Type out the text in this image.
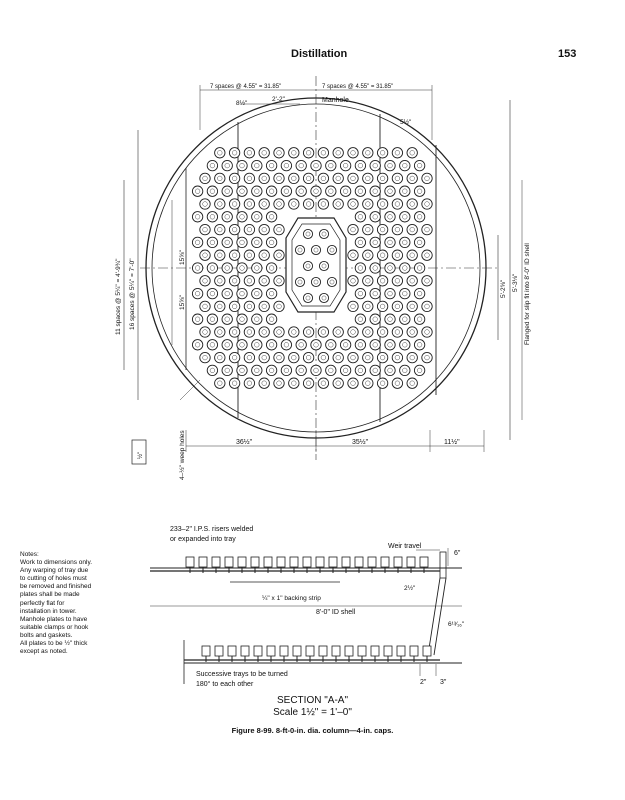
Distillation	153
7 spaces @ 4.55" = 31.85"	7 spaces @ 4.55" = 31.85"
8½"
2'-2"	Manhole
5½"
11 spaces @ 5¼" = 4'-9¾" 16 spaces @ 5¼" = 7'-0"
15⅝"
15⅝"
4–½" weep holes
½"
5'-2⅝" 5'-3⅛" Flanged for slip fit into 8'-0" ID shell
36½"	35½"	11½"
233–2" I.P.S. risers welded
or expanded into tray
Weir travel
6"
2½"
¼" x 1" backing strip
8'-0" ID shell
6¹³⁄₁₆"
2" 3"
Successive trays to be turned
180° to each other
SECTION "A-A"
Scale 1½" = 1'–0"
Notes:
Work to dimensions only.
Any warping of tray due
to cutting of holes must
be removed and finished
plates shall be made
perfectly flat for
installation in tower.
Manhole plates to have
suitable clamps or hook
bolts and gaskets.
All plates to be ½" thick
except as noted.
Figure 8-99. 8-ft-0-in. dia. column—4-in. caps.
